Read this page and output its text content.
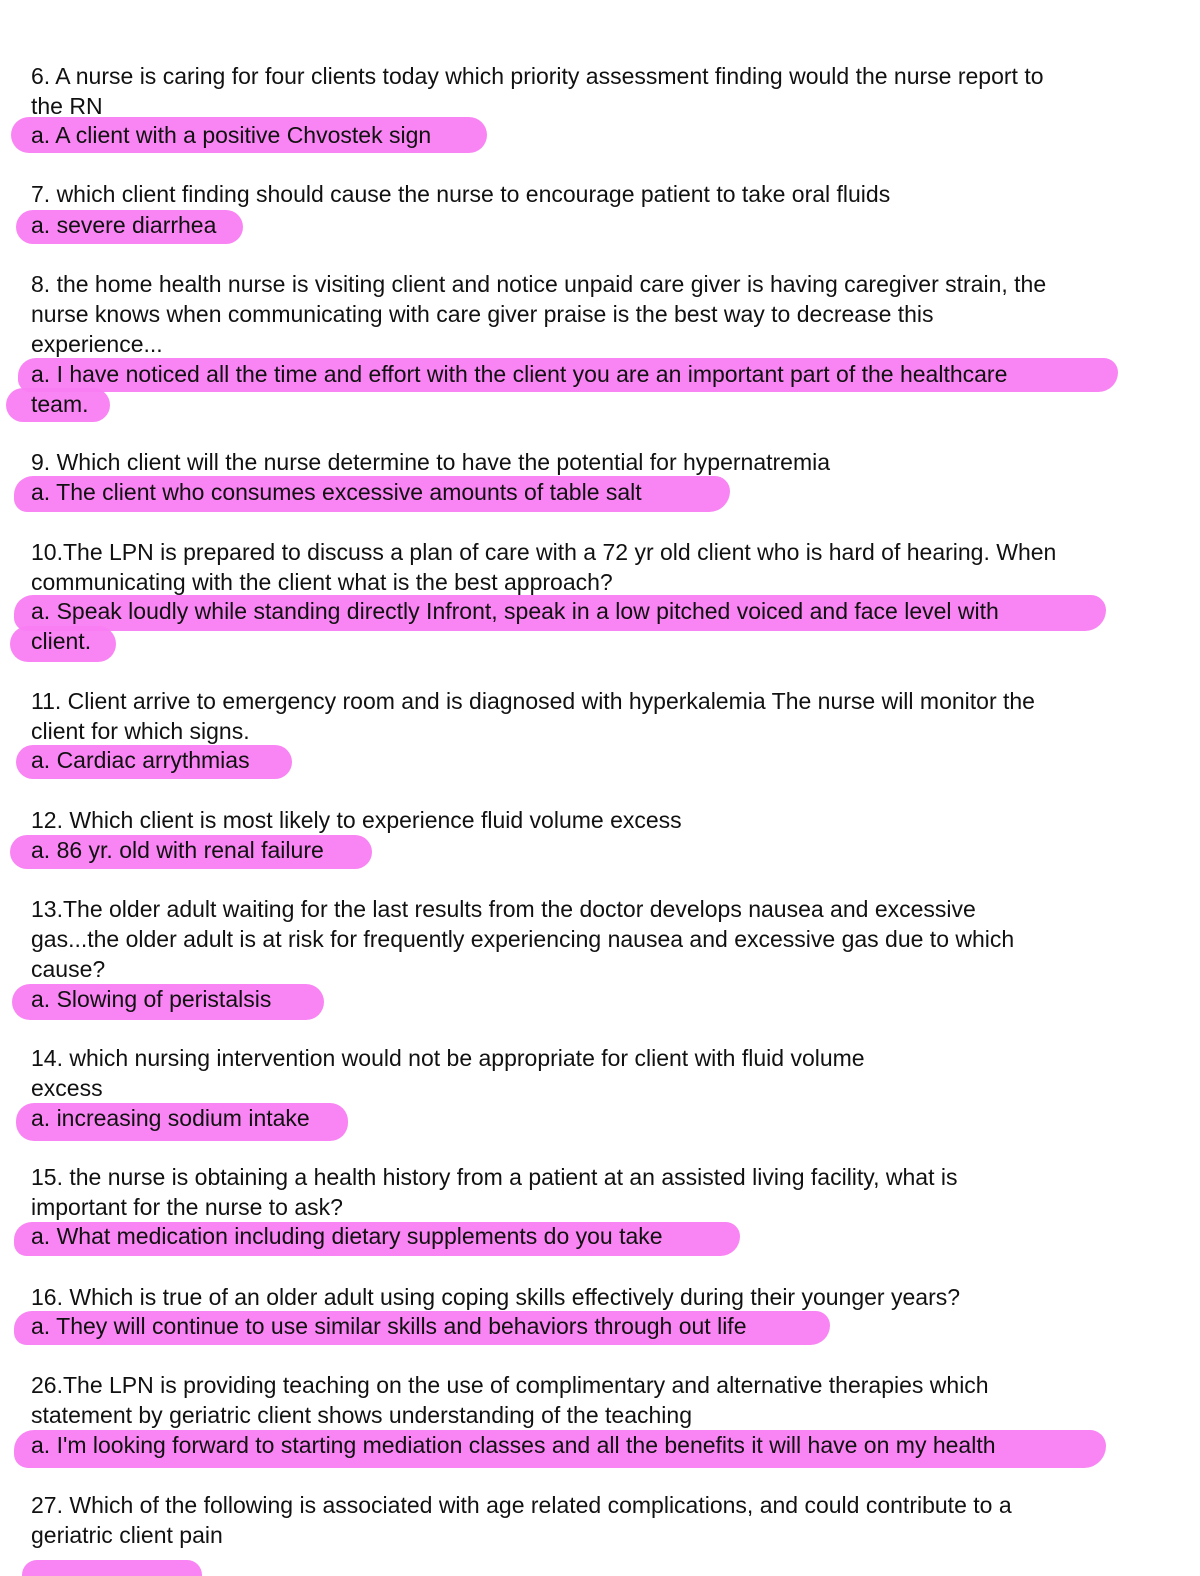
6. A nurse is caring for four clients today which priority assessment finding would the nurse report to
the RN

a. A client with a positive Chvostek sign

7. which client finding should cause the nurse to encourage patient to take oral fluids

a. severe diarrhea

8. the home health nurse is visiting client and notice unpaid care giver is having caregiver strain, the
nurse knows when communicating with care giver praise is the best way to decrease this
experience...

a. I have noticed all the time and effort with the client you are an important part of the healthcare
team.

9. Which client will the nurse determine to have the potential for hypernatremia

a. The client who consumes excessive amounts of table salt

10.The LPN is prepared to discuss a plan of care with a 72 yr old client who is hard of hearing. When
communicating with the client what is the best approach?

a. Speak loudly while standing directly Infront, speak in a low pitched voiced and face level with
client.

11. Client arrive to emergency room and is diagnosed with hyperkalemia The nurse will monitor the
client for which signs.

a. Cardiac arrythmias

12. Which client is most likely to experience fluid volume excess

a. 86 yr. old with renal failure

13.The older adult waiting for the last results from the doctor develops nausea and excessive
gas...the older adult is at risk for frequently experiencing nausea and excessive gas due to which
cause?

a. Slowing of peristalsis

14. which nursing intervention would not be appropriate for client with fluid volume
excess

a. increasing sodium intake

15. the nurse is obtaining a health history from a patient at an assisted living facility, what is
important for the nurse to ask?

a. What medication including dietary supplements do you take

16. Which is true of an older adult using coping skills effectively during their younger years?

a. They will continue to use similar skills and behaviors through out life

26.The LPN is providing teaching on the use of complimentary and alternative therapies which
statement by geriatric client shows understanding of the teaching

a. I'm looking forward to starting mediation classes and all the benefits it will have on my health

27. Which of the following is associated with age related complications, and could contribute to a
geriatric client pain
